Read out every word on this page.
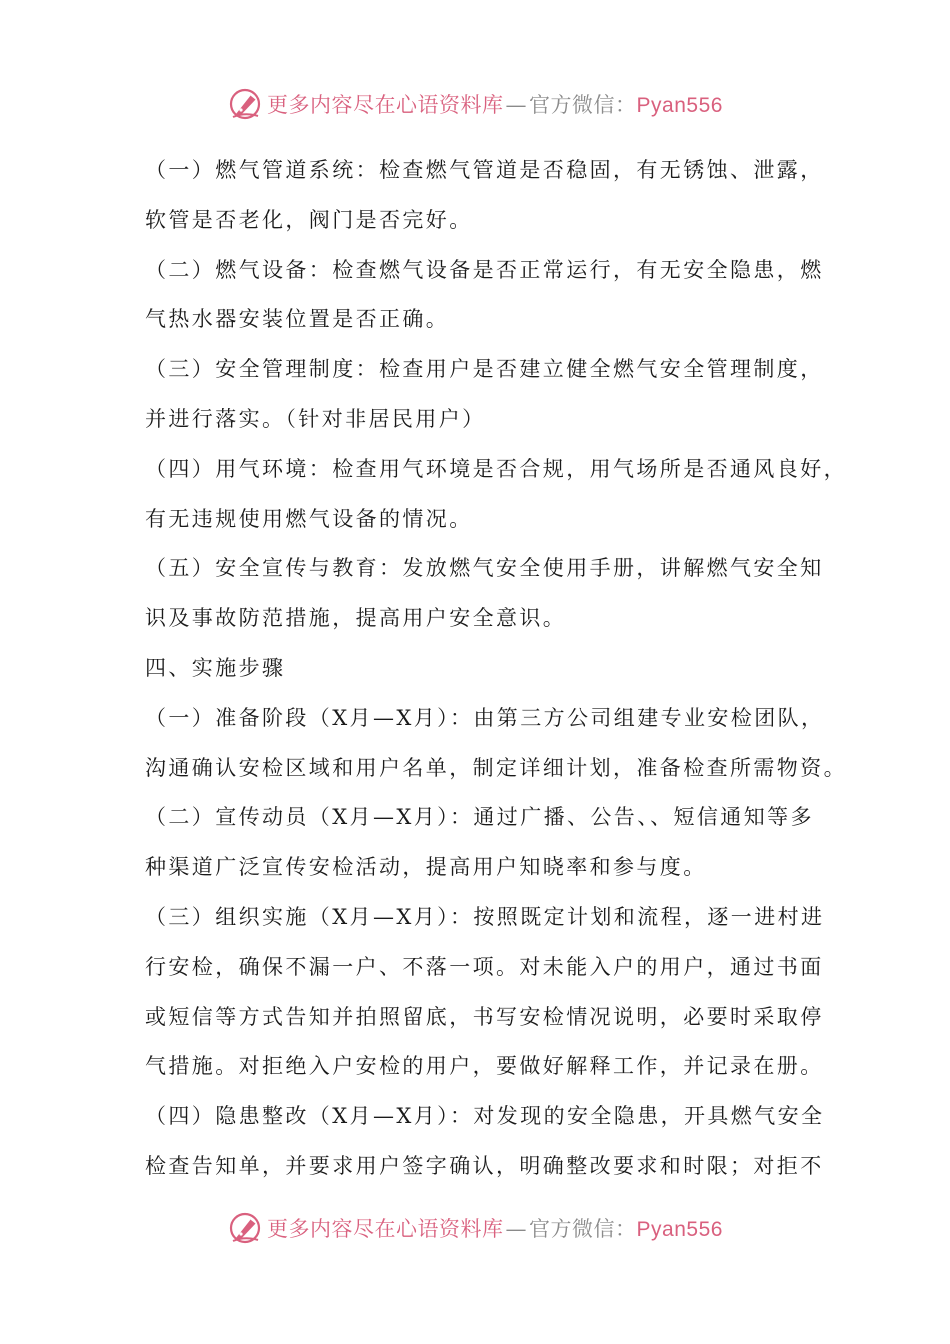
更多内容尽在心语资料库—官方微信：Pyan556
（一）燃气管道系统：检查燃气管道是否稳固，有无锈蚀、泄露，
软管是否老化，阀门是否完好。
（二）燃气设备：检查燃气设备是否正常运行，有无安全隐患，燃
气热水器安装位置是否正确。
（三）安全管理制度：检查用户是否建立健全燃气安全管理制度，
并进行落实。（针对非居民用户）
（四）用气环境：检查用气环境是否合规，用气场所是否通风良好，
有无违规使用燃气设备的情况。
（五）安全宣传与教育：发放燃气安全使用手册，讲解燃气安全知
识及事故防范措施，提高用户安全意识。
四、实施步骤
（一）准备阶段（X月—X月）：由第三方公司组建专业安检团队，
沟通确认安检区域和用户名单，制定详细计划，准备检查所需物资。
（二）宣传动员（X月—X月）：通过广播、公告、、短信通知等多
种渠道广泛宣传安检活动，提高用户知晓率和参与度。
（三）组织实施（X月—X月）：按照既定计划和流程，逐一进村进
行安检，确保不漏一户、不落一项。对未能入户的用户，通过书面
或短信等方式告知并拍照留底，书写安检情况说明，必要时采取停
气措施。对拒绝入户安检的用户，要做好解释工作，并记录在册。
（四）隐患整改（X月—X月）：对发现的安全隐患，开具燃气安全
检查告知单，并要求用户签字确认，明确整改要求和时限；对拒不
更多内容尽在心语资料库—官方微信：Pyan556
